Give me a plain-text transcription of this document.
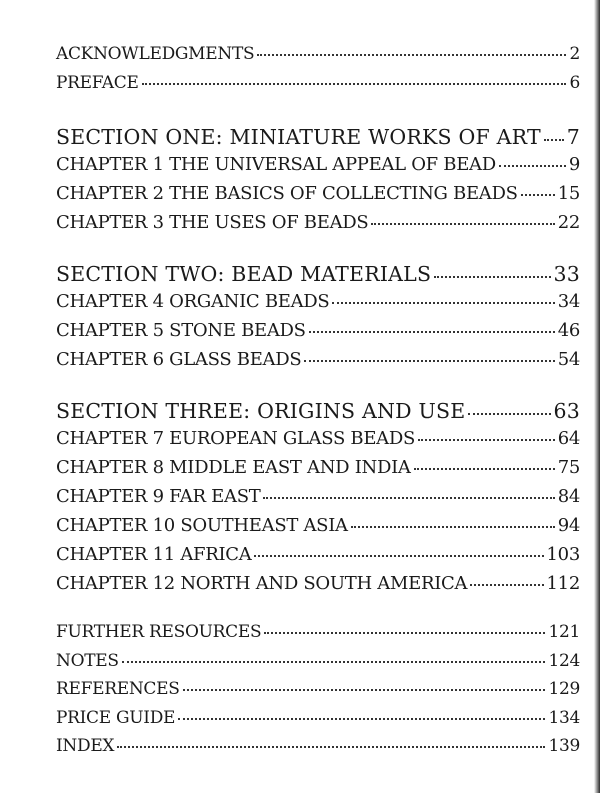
ACKNOWLEDGMENTS	2
PREFACE	6
SECTION ONE: MINIATURE WORKS OF ART 7
CHAPTER 1 THE UNIVERSAL APPEAL OF BEAD	9
CHAPTER 2 THE BASICS OF COLLECTING BEADS 15
CHAPTER 3 THE USES OF BEADS	22
SECTION TWO: BEAD MATERIALS	33
CHAPTER 4 ORGANIC BEADS	34
CHAPTER 5 STONE BEADS	46
CHAPTER 6 GLASS BEADS	54
SECTION THREE: ORIGINS AND USE	63
CHAPTER 7 EUROPEAN GLASS BEADS	64
CHAPTER 8 MIDDLE EAST AND INDIA	75
CHAPTER 9 FAR EAST	84
CHAPTER 10 SOUTHEAST ASIA	94
CHAPTER 11 AFRICA	103
CHAPTER 12 NORTH AND SOUTH AMERICA	112
FURTHER RESOURCES	121
NOTES	124
REFERENCES	129
PRICE GUIDE	134
INDEX	139
